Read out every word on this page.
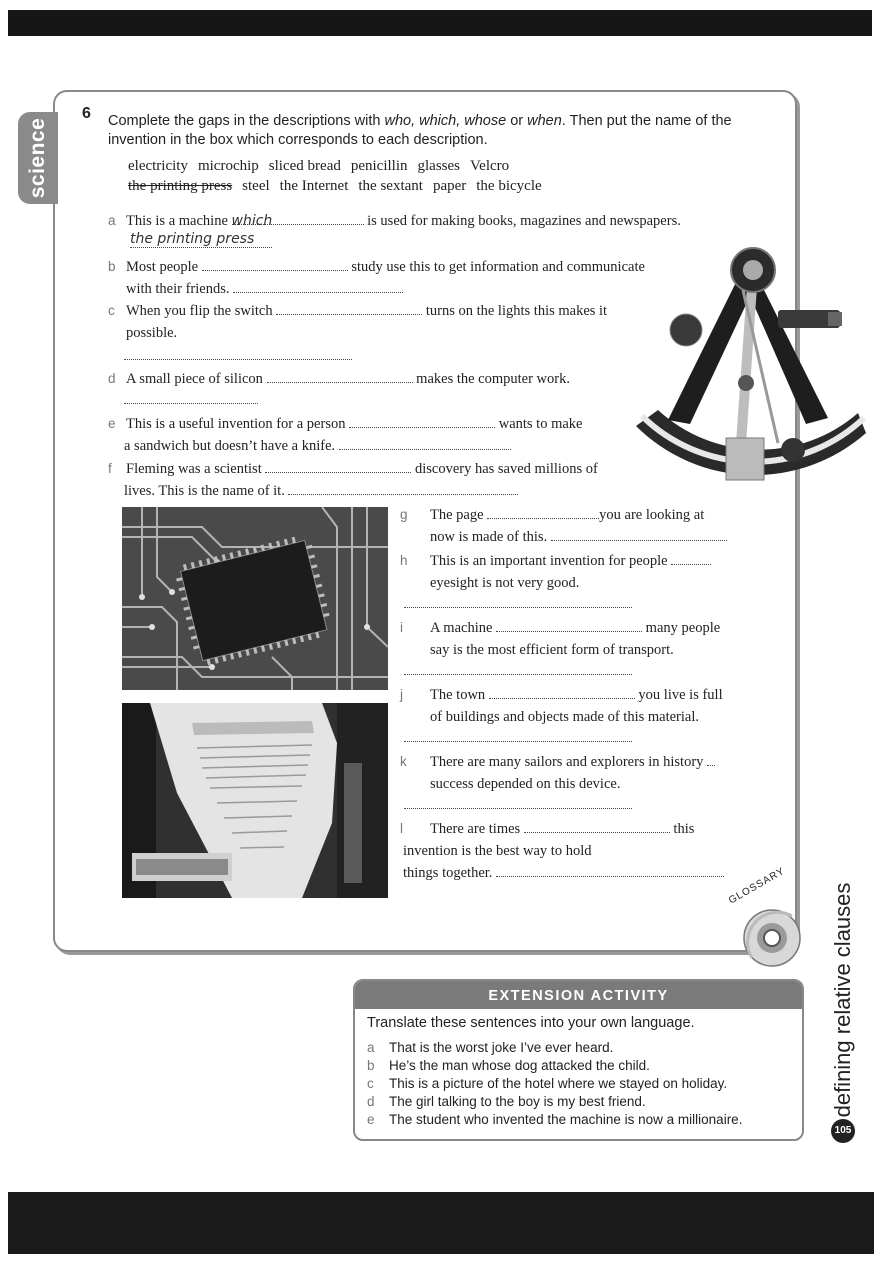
science
6 Complete the gaps in the descriptions with who, which, whose or when. Then put the name of the invention in the box which corresponds to each description.
electricity microchip sliced bread penicillin glasses Velcro
the printing press steel the Internet the sextant paper the bicycle
a This is a machine which	is used for making books, magazines and newspapers.
the printing press
b Most people	study use this to get information and communicate
with their friends.
c When you flip the switch	turns on the lights this makes it
possible.
d A small piece of silicon	makes the computer work.
e This is a useful invention for a person	wants to make
a sandwich but doesn’t have a knife.
f Fleming was a scientist	discovery has saved millions of
lives. This is the name of it.
g The page	you are looking at
now is made of this.
h This is an important invention for people
eyesight is not very good.
i A machine	many people
say is the most efficient form of transport.
j The town	you live is full
of buildings and objects made of this material.
k There are many sailors and explorers in history
success depended on this device.
l There are times	this
invention is the best way to hold
things together.	GLOSSARY
EXTENSION ACTIVITY
Translate these sentences into your own language.
a That is the worst joke I’ve ever heard.
b He’s the man whose dog attacked the child.
c This is a picture of the hotel where we stayed on holiday.
d The girl talking to the boy is my best friend.
e The student who invented the machine is now a millionaire.
defining relative clauses
105
